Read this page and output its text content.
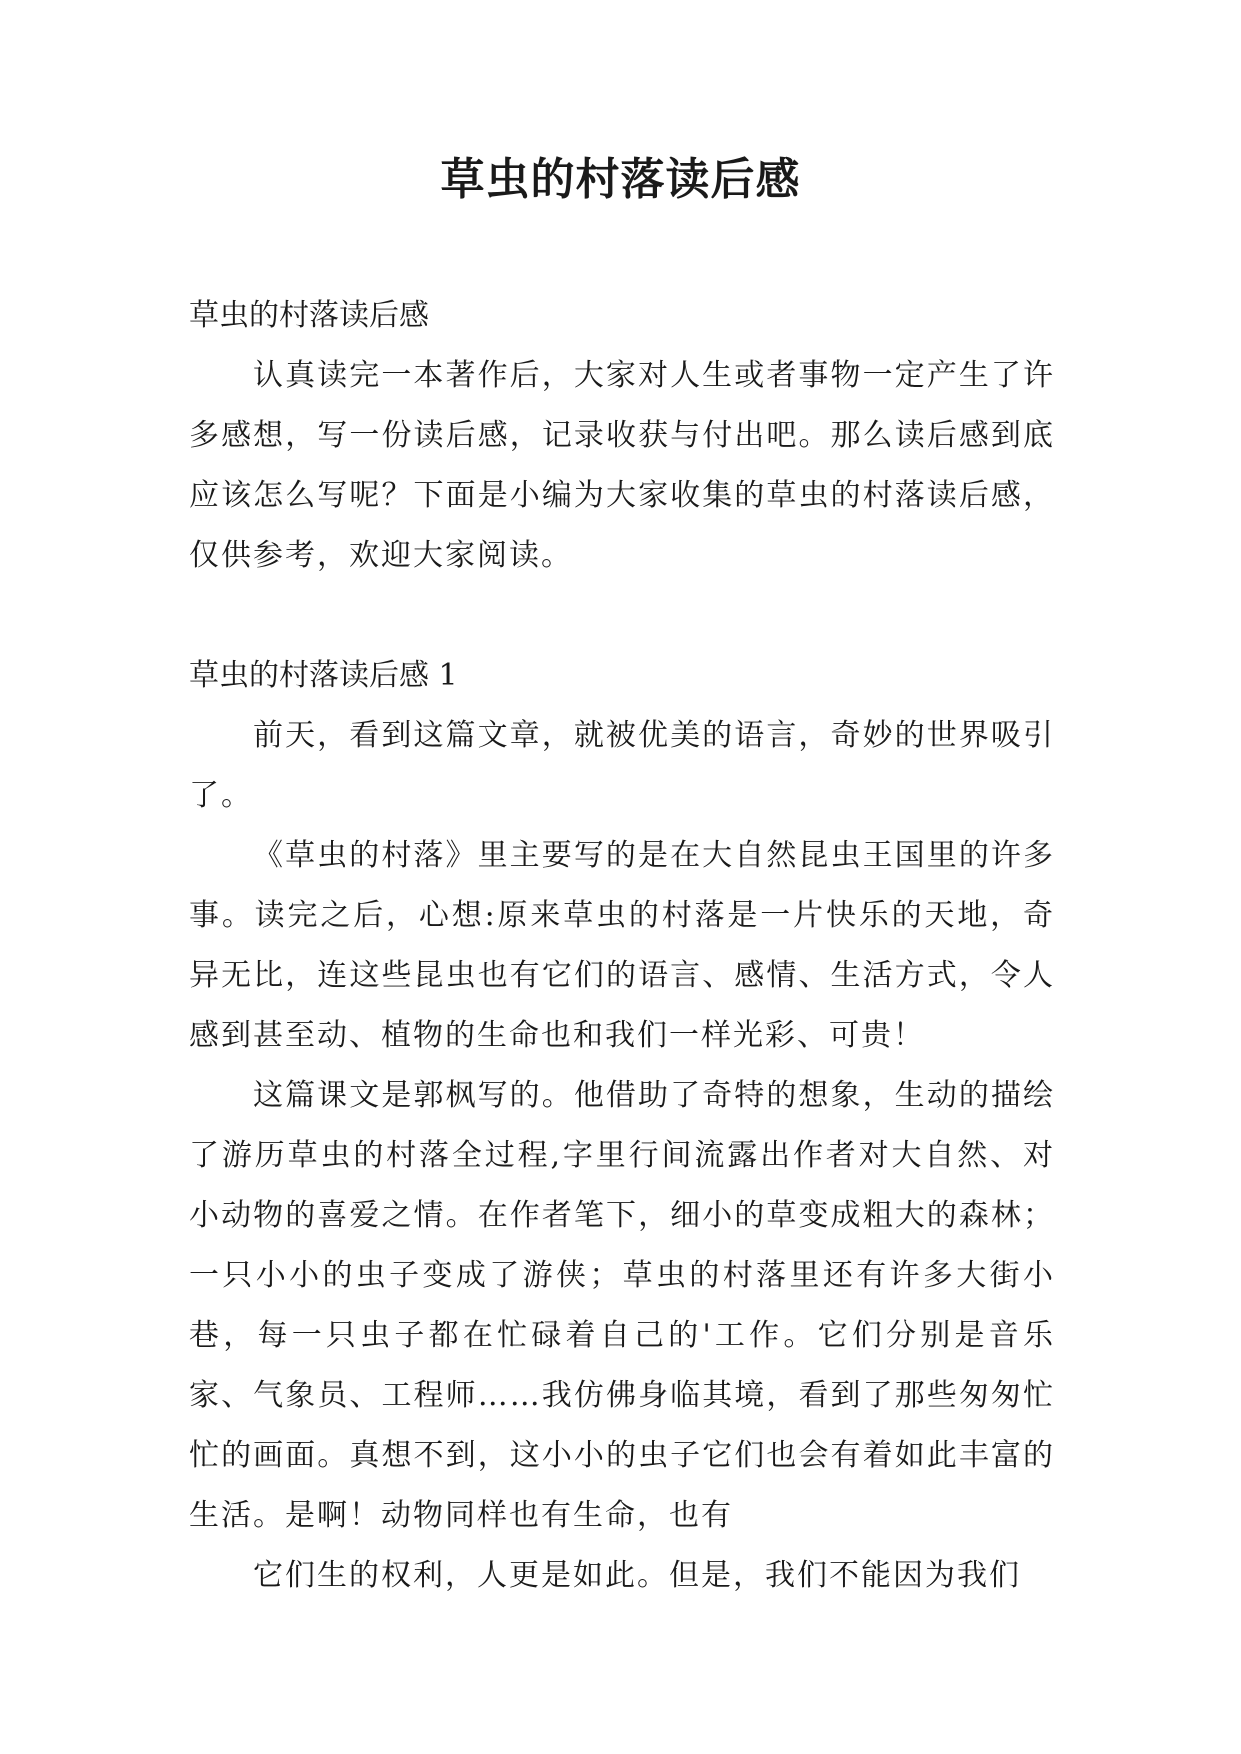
草虫的村落读后感

草虫的村落读后感

认真读完一本著作后，大家对人生或者事物一定产生了许多感想，写一份读后感，记录收获与付出吧。那么读后感到底应该怎么写呢？下面是小编为大家收集的草虫的村落读后感，仅供参考，欢迎大家阅读。

草虫的村落读后感 1

前天，看到这篇文章，就被优美的语言，奇妙的世界吸引了。

《草虫的村落》里主要写的是在大自然昆虫王国里的许多事。读完之后，心想:原来草虫的村落是一片快乐的天地，奇异无比，连这些昆虫也有它们的语言、感情、生活方式，令人感到甚至动、植物的生命也和我们一样光彩、可贵！

这篇课文是郭枫写的。他借助了奇特的想象，生动的描绘了游历草虫的村落全过程,字里行间流露出作者对大自然、对小动物的喜爱之情。在作者笔下，细小的草变成粗大的森林；一只小小的虫子变成了游侠；草虫的村落里还有许多大街小巷，每一只虫子都在忙碌着自己的'工作。它们分别是音乐家、气象员、工程师……我仿佛身临其境，看到了那些匆匆忙忙的画面。真想不到，这小小的虫子它们也会有着如此丰富的生活。是啊！动物同样也有生命，也有

它们生的权利，人更是如此。但是，我们不能因为我们
